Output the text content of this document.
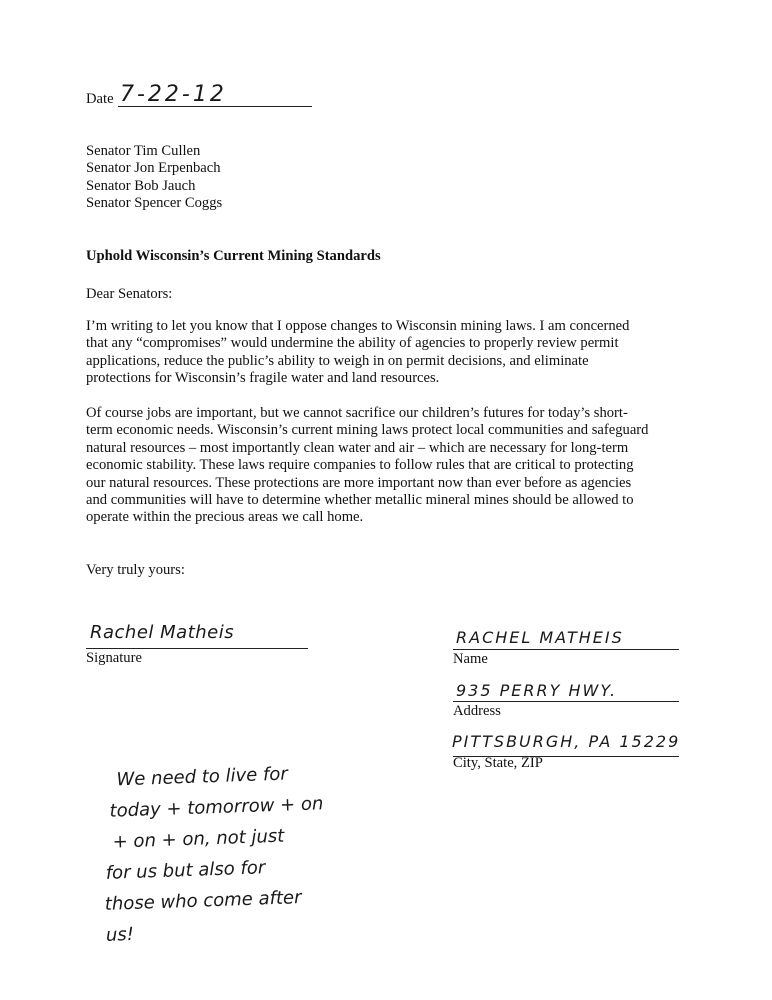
Date 7-22-12
Senator Tim Cullen
Senator Jon Erpenbach
Senator Bob Jauch
Senator Spencer Coggs
Uphold Wisconsin’s Current Mining Standards
Dear Senators:
I’m writing to let you know that I oppose changes to Wisconsin mining laws. I am concerned
that any “compromises” would undermine the ability of agencies to properly review permit
applications, reduce the public’s ability to weigh in on permit decisions, and eliminate
protections for Wisconsin’s fragile water and land resources.
Of course jobs are important, but we cannot sacrifice our children’s futures for today’s short-
term economic needs. Wisconsin’s current mining laws protect local communities and safeguard
natural resources – most importantly clean water and air – which are necessary for long-term
economic stability. These laws require companies to follow rules that are critical to protecting
our natural resources. These protections are more important now than ever before as agencies
and communities will have to determine whether metallic mineral mines should be allowed to
operate within the precious areas we call home.
Very truly yours:
Rachel Matheis
Signature
RACHEL MATHEIS
Name
935 PERRY HWY.
Address
PITTSBURGH, PA 15229
City, State, ZIP
We need to live for
today + tomorrow + on
+ on + on, not just
for us but also for
those who come after
us!
